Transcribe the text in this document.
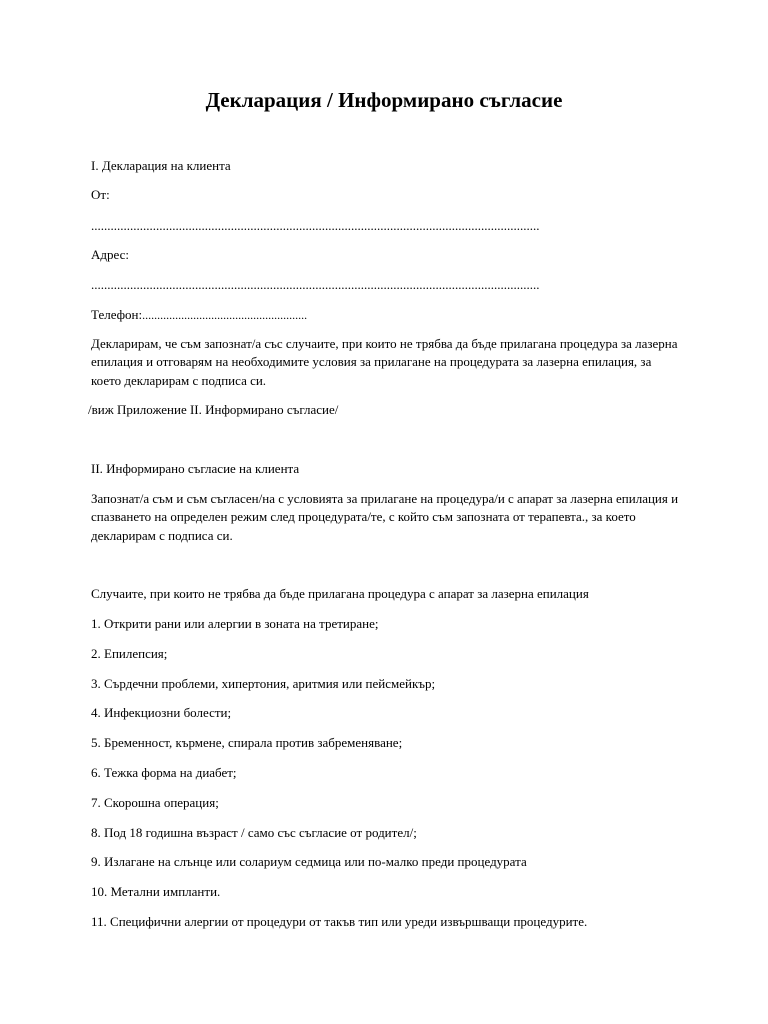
Декларация / Информирано съгласие
I. Декларация на клиента
От:
..........................................................................................................................................
Адрес:
..........................................................................................................................................
Телефон:.......................................................
Декларирам, че съм запознат/а със случаите, при които не трябва да бъде прилагана процедура за лазерна епилация и отговарям на необходимите условия за прилагане на процедурата за лазерна епилация, за което декларирам с подписа си.
/виж Приложение II. Информирано съгласие/
II. Информирано съгласие на клиента
Запознат/а съм и съм съгласен/на с условията за прилагане на процедура/и с апарат за лазерна епилация и спазването на определен режим след процедурата/те, с който съм запозната от терапевта., за което декларирам с подписа си.
Случаите, при които не трябва да бъде прилагана процедура с апарат за лазерна епилация
1. Открити рани или алергии в зоната на третиране;
2. Епилепсия;
3. Сърдечни проблеми, хипертония, аритмия или пейсмейкър;
4. Инфекциозни болести;
5. Бременност, кърмене, спирала против забременяване;
6. Тежка форма на диабет;
7. Скорошна операция;
8. Под 18 годишна възраст / само със съгласие от родител/;
9. Излагане на слънце или солариум седмица или по-малко преди процедурата
10. Метални импланти.
11. Специфични алергии от процедури от такъв тип или уреди извършващи процедурите.
